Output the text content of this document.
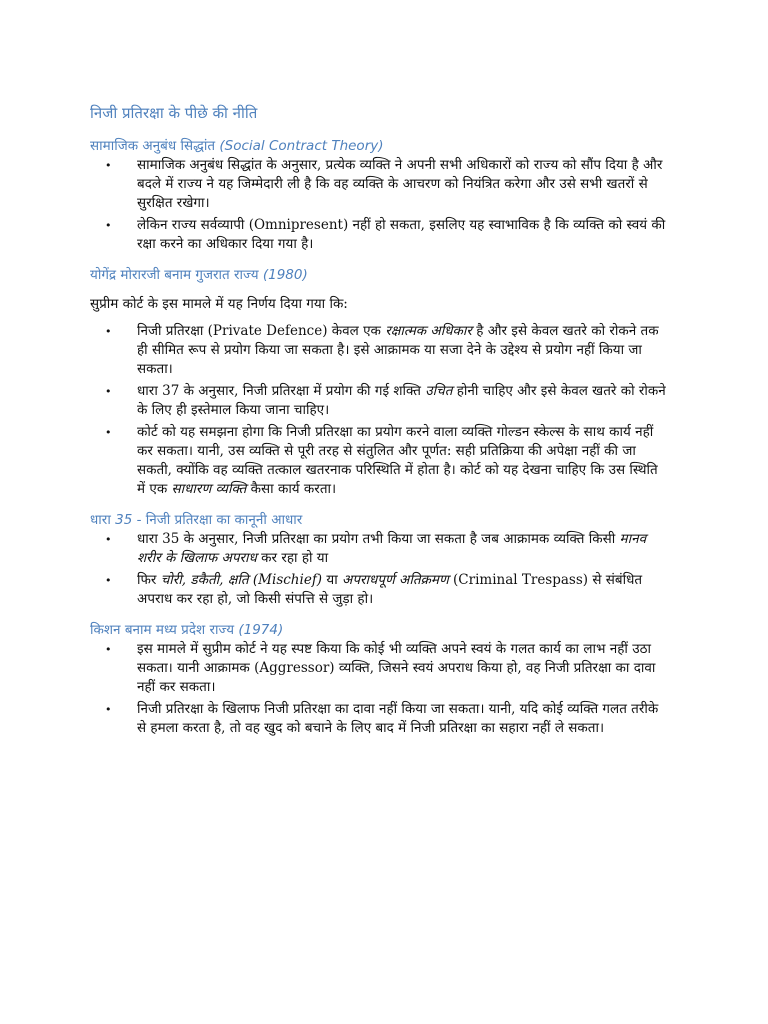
निजी प्रतिरक्षा के पीछे की नीति
सामाजिक अनुबंध सिद्धांत (Social Contract Theory)
• सामाजिक अनुबंध सिद्धांत के अनुसार, प्रत्येक व्यक्ति ने अपनी सभी अधिकारों को राज्य को सौंप दिया है और बदले में राज्य ने यह जिम्मेदारी ली है कि वह व्यक्ति के आचरण को नियंत्रित करेगा और उसे सभी खतरों से सुरक्षित रखेगा।
• लेकिन राज्य सर्वव्यापी (Omnipresent) नहीं हो सकता, इसलिए यह स्वाभाविक है कि व्यक्ति को स्वयं की रक्षा करने का अधिकार दिया गया है।
योगेंद्र मोरारजी बनाम गुजरात राज्य (1980)

सुप्रीम कोर्ट के इस मामले में यह निर्णय दिया गया कि:

• निजी प्रतिरक्षा (Private Defence) केवल एक रक्षात्मक अधिकार है और इसे केवल खतरे को रोकने तक ही सीमित रूप से प्रयोग किया जा सकता है। इसे आक्रामक या सजा देने के उद्देश्य से प्रयोग नहीं किया जा सकता।
• धारा 37 के अनुसार, निजी प्रतिरक्षा में प्रयोग की गई शक्ति उचित होनी चाहिए और इसे केवल खतरे को रोकने के लिए ही इस्तेमाल किया जाना चाहिए।
• कोर्ट को यह समझना होगा कि निजी प्रतिरक्षा का प्रयोग करने वाला व्यक्ति गोल्डन स्केल्स के साथ कार्य नहीं कर सकता। यानी, उस व्यक्ति से पूरी तरह से संतुलित और पूर्णत: सही प्रतिक्रिया की अपेक्षा नहीं की जा सकती, क्योंकि वह व्यक्ति तत्काल खतरनाक परिस्थिति में होता है। कोर्ट को यह देखना चाहिए कि उस स्थिति में एक साधारण व्यक्ति कैसा कार्य करता।
धारा 35 - निजी प्रतिरक्षा का कानूनी आधार
• धारा 35 के अनुसार, निजी प्रतिरक्षा का प्रयोग तभी किया जा सकता है जब आक्रामक व्यक्ति किसी मानव शरीर के खिलाफ अपराध कर रहा हो या
• फिर चोरी, डकैती, क्षति (Mischief) या अपराधपूर्ण अतिक्रमण (Criminal Trespass) से संबंधित अपराध कर रहा हो, जो किसी संपत्ति से जुड़ा हो।
किशन बनाम मध्य प्रदेश राज्य (1974)
• इस मामले में सुप्रीम कोर्ट ने यह स्पष्ट किया कि कोई भी व्यक्ति अपने स्वयं के गलत कार्य का लाभ नहीं उठा सकता। यानी आक्रामक (Aggressor) व्यक्ति, जिसने स्वयं अपराध किया हो, वह निजी प्रतिरक्षा का दावा नहीं कर सकता।
• निजी प्रतिरक्षा के खिलाफ निजी प्रतिरक्षा का दावा नहीं किया जा सकता। यानी, यदि कोई व्यक्ति गलत तरीके से हमला करता है, तो वह खुद को बचाने के लिए बाद में निजी प्रतिरक्षा का सहारा नहीं ले सकता।
